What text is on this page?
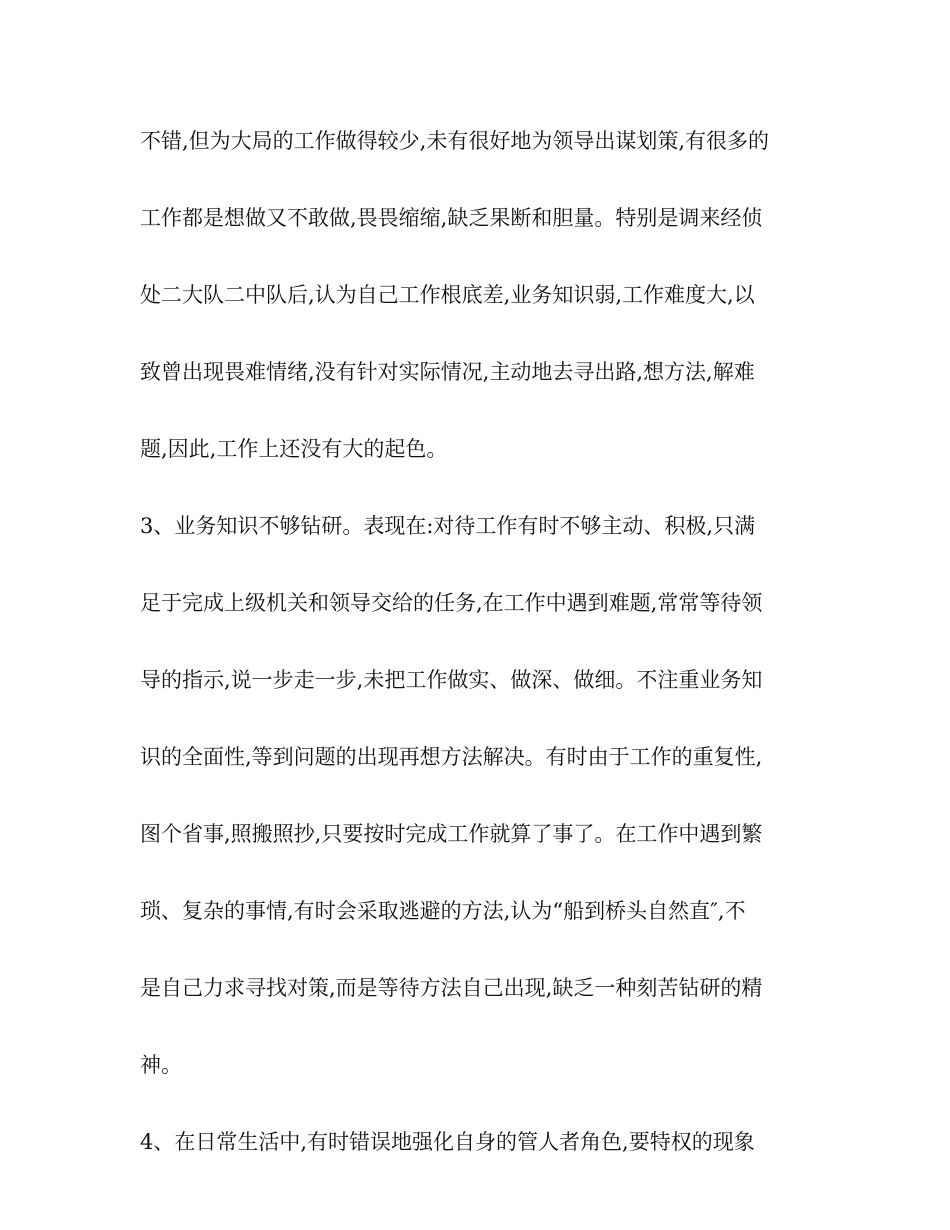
不错,但为大局的工作做得较少,未有很好地为领导出谋划策,有很多的
工作都是想做又不敢做,畏畏缩缩,缺乏果断和胆量。特别是调来经侦
处二大队二中队后,认为自己工作根底差,业务知识弱,工作难度大,以
致曾出现畏难情绪,没有针对实际情况,主动地去寻出路,想方法,解难
题,因此,工作上还没有大的起色。
3、业务知识不够钻研。表现在:对待工作有时不够主动、积极,只满
足于完成上级机关和领导交给的任务,在工作中遇到难题,常常等待领
导的指示,说一步走一步,未把工作做实、做深、做细。不注重业务知
识的全面性,等到问题的出现再想方法解决。有时由于工作的重复性,
图个省事,照搬照抄,只要按时完成工作就算了事了。在工作中遇到繁
琐、复杂的事情,有时会采取逃避的方法,认为“船到桥头自然直″,不
是自己力求寻找对策,而是等待方法自己出现,缺乏一种刻苦钻研的精
神。
4、在日常生活中,有时错误地强化自身的管人者角色,要特权的现象
